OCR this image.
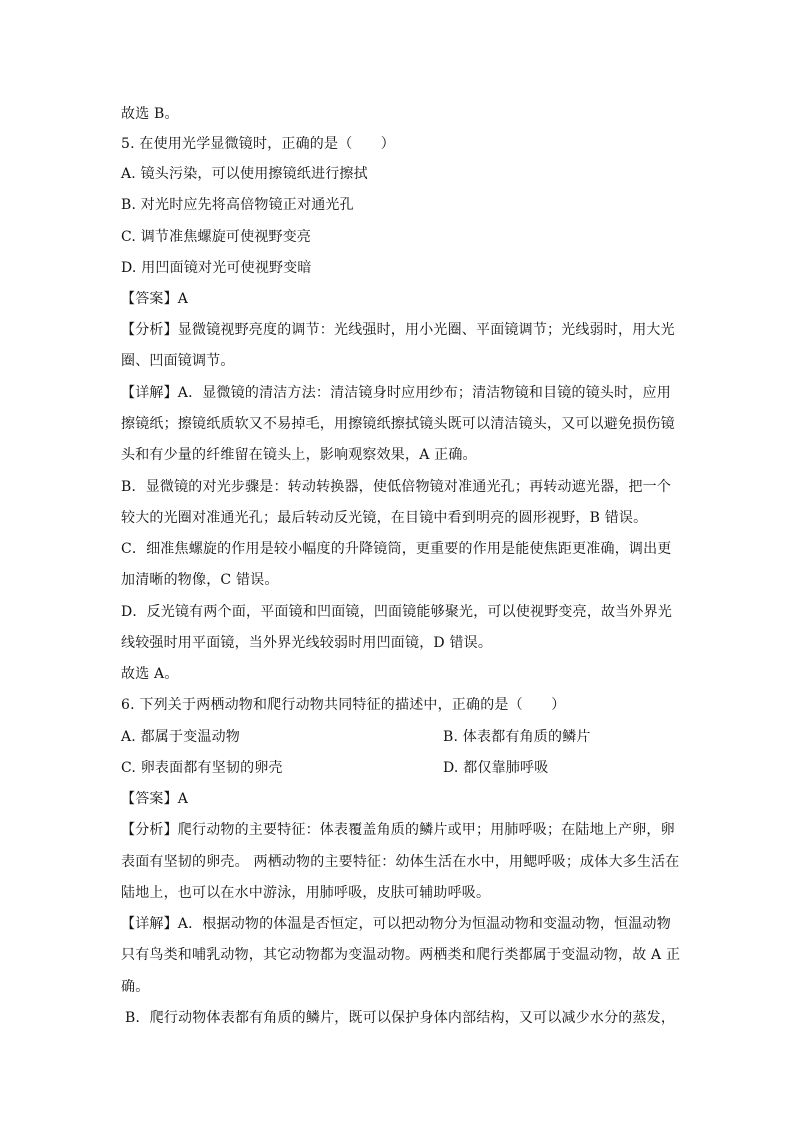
故选 B。
5. 在使用光学显微镜时，正确的是（　　）
A. 镜头污染，可以使用擦镜纸进行擦拭
B. 对光时应先将高倍物镜正对通光孔
C. 调节准焦螺旋可使视野变亮
D. 用凹面镜对光可使视野变暗
【答案】A
【分析】显微镜视野亮度的调节：光线强时，用小光圈、平面镜调节；光线弱时，用大光
圈、凹面镜调节。
【详解】A．显微镜的清洁方法：清洁镜身时应用纱布；清洁物镜和目镜的镜头时，应用
擦镜纸；擦镜纸质软又不易掉毛，用擦镜纸擦拭镜头既可以清洁镜头，又可以避免损伤镜
头和有少量的纤维留在镜头上，影响观察效果，A 正确。
B．显微镜的对光步骤是：转动转换器，使低倍物镜对准通光孔；再转动遮光器，把一个
较大的光圈对准通光孔；最后转动反光镜，在目镜中看到明亮的圆形视野，B 错误。
C．细准焦螺旋的作用是较小幅度的升降镜筒，更重要的作用是能使焦距更准确，调出更
加清晰的物像，C 错误。
D．反光镜有两个面，平面镜和凹面镜，凹面镜能够聚光，可以使视野变亮，故当外界光
线较强时用平面镜，当外界光线较弱时用凹面镜，D 错误。
故选 A。
6. 下列关于两栖动物和爬行动物共同特征的描述中，正确的是（　　）
A. 都属于变温动物	B. 体表都有角质的鳞片
C. 卵表面都有坚韧的卵壳	D. 都仅靠肺呼吸
【答案】A
【分析】爬行动物的主要特征：体表覆盖角质的鳞片或甲；用肺呼吸；在陆地上产卵，卵
表面有坚韧的卵壳。 两栖动物的主要特征：幼体生活在水中，用鳃呼吸；成体大多生活在
陆地上，也可以在水中游泳，用肺呼吸，皮肤可辅助呼吸。
【详解】A．根据动物的体温是否恒定，可以把动物分为恒温动物和变温动物，恒温动物
只有鸟类和哺乳动物，其它动物都为变温动物。两栖类和爬行类都属于变温动物，故 A 正
确。
B．爬行动物体表都有角质的鳞片，既可以保护身体内部结构，又可以减少水分的蒸发，
